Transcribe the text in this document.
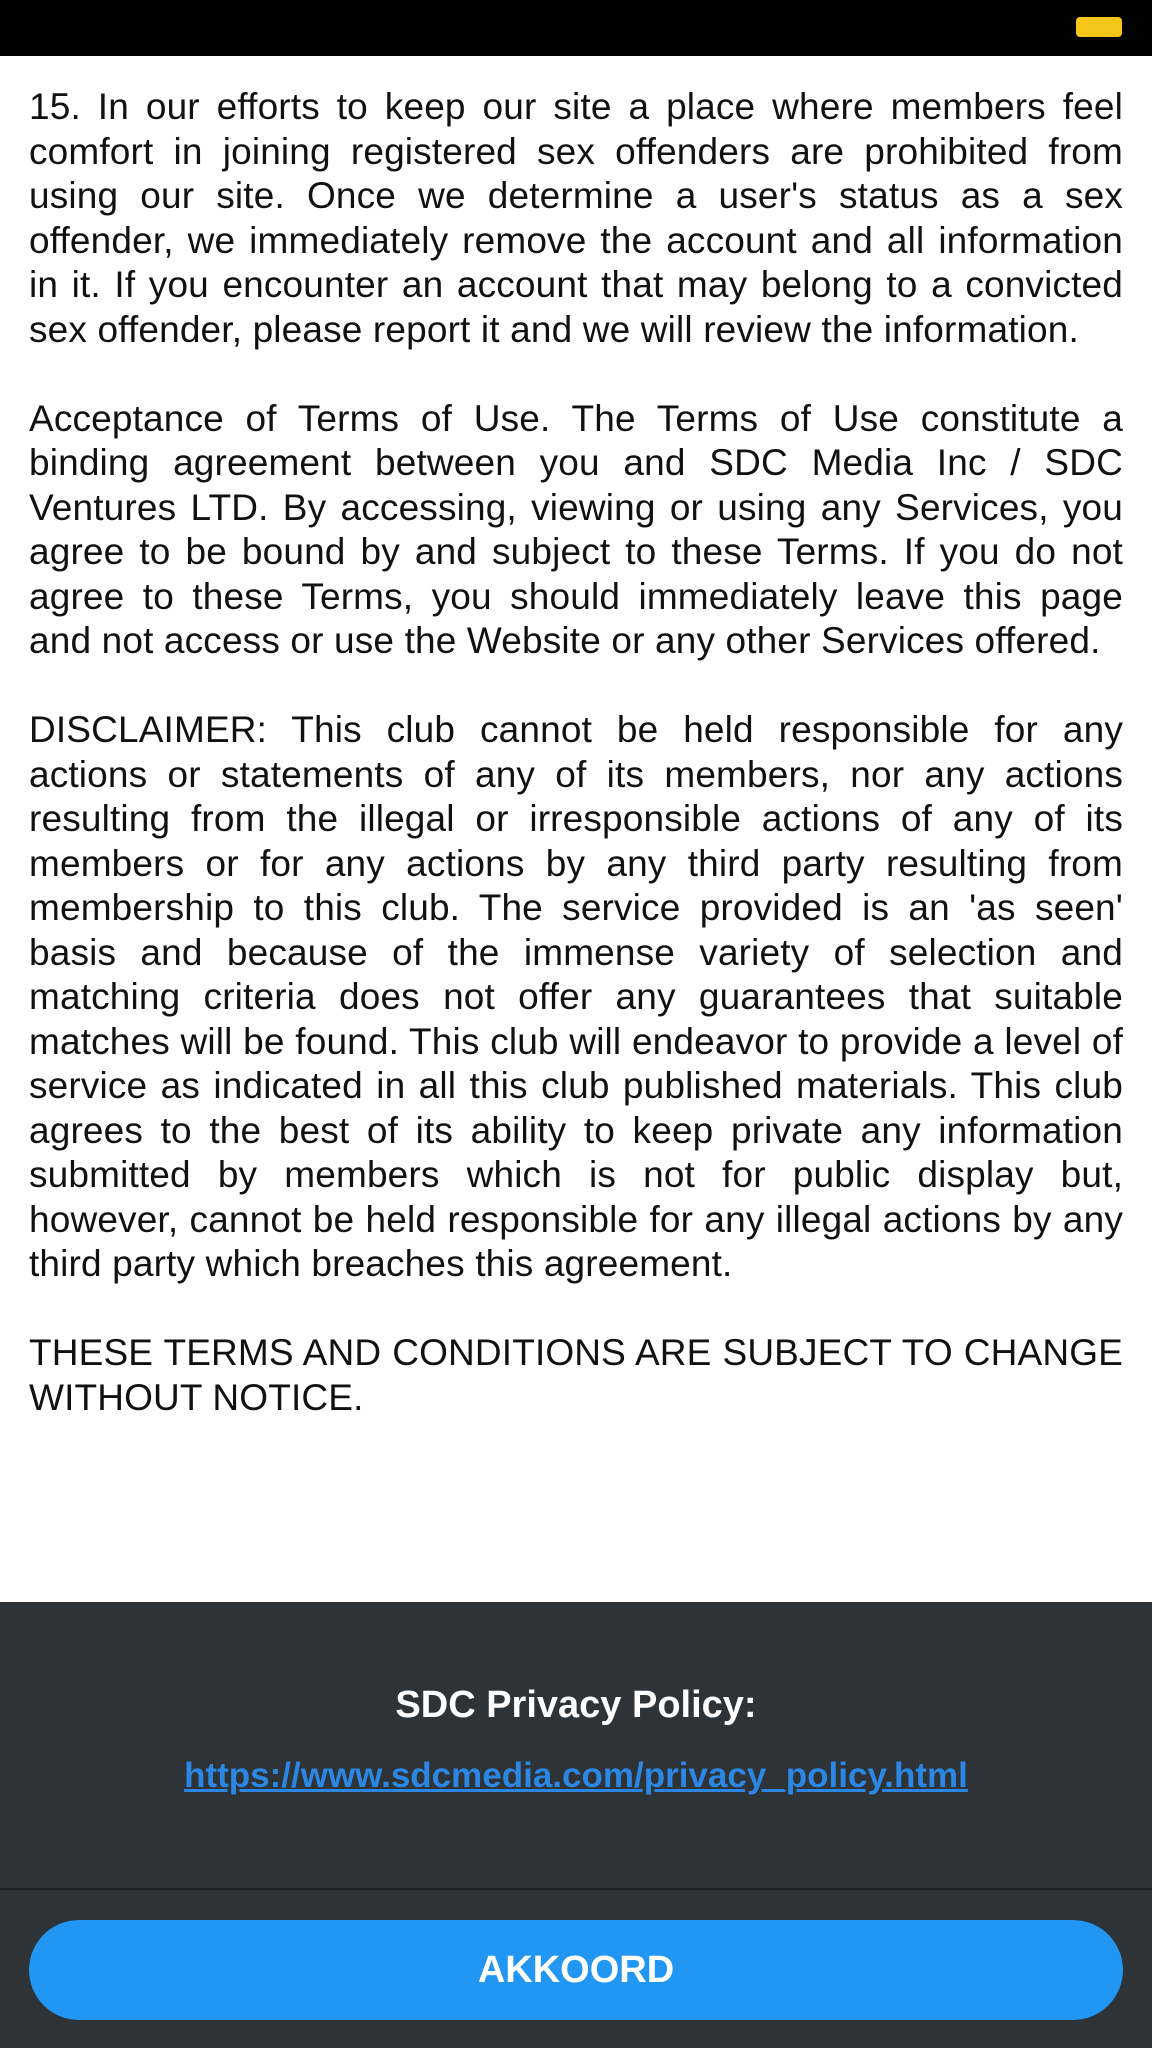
15. In our efforts to keep our site a place where members feel comfort in joining registered sex offenders are prohibited from using our site. Once we determine a user's status as a sex offender, we immediately remove the account and all information in it. If you encounter an account that may belong to a convicted sex offender, please report it and we will review the information.

Acceptance of Terms of Use. The Terms of Use constitute a binding agreement between you and SDC Media Inc / SDC Ventures LTD. By accessing, viewing or using any Services, you agree to be bound by and subject to these Terms. If you do not agree to these Terms, you should immediately leave this page and not access or use the Website or any other Services offered.

DISCLAIMER: This club cannot be held responsible for any actions or statements of any of its members, nor any actions resulting from the illegal or irresponsible actions of any of its members or for any actions by any third party resulting from membership to this club. The service provided is an 'as seen' basis and because of the immense variety of selection and matching criteria does not offer any guarantees that suitable matches will be found. This club will endeavor to provide a level of service as indicated in all this club published materials. This club agrees to the best of its ability to keep private any information submitted by members which is not for public display but, however, cannot be held responsible for any illegal actions by any third party which breaches this agreement.

THESE TERMS AND CONDITIONS ARE SUBJECT TO CHANGE WITHOUT NOTICE.

SDC Privacy Policy:
https://www.sdcmedia.com/privacy_policy.html
AKKOORD
